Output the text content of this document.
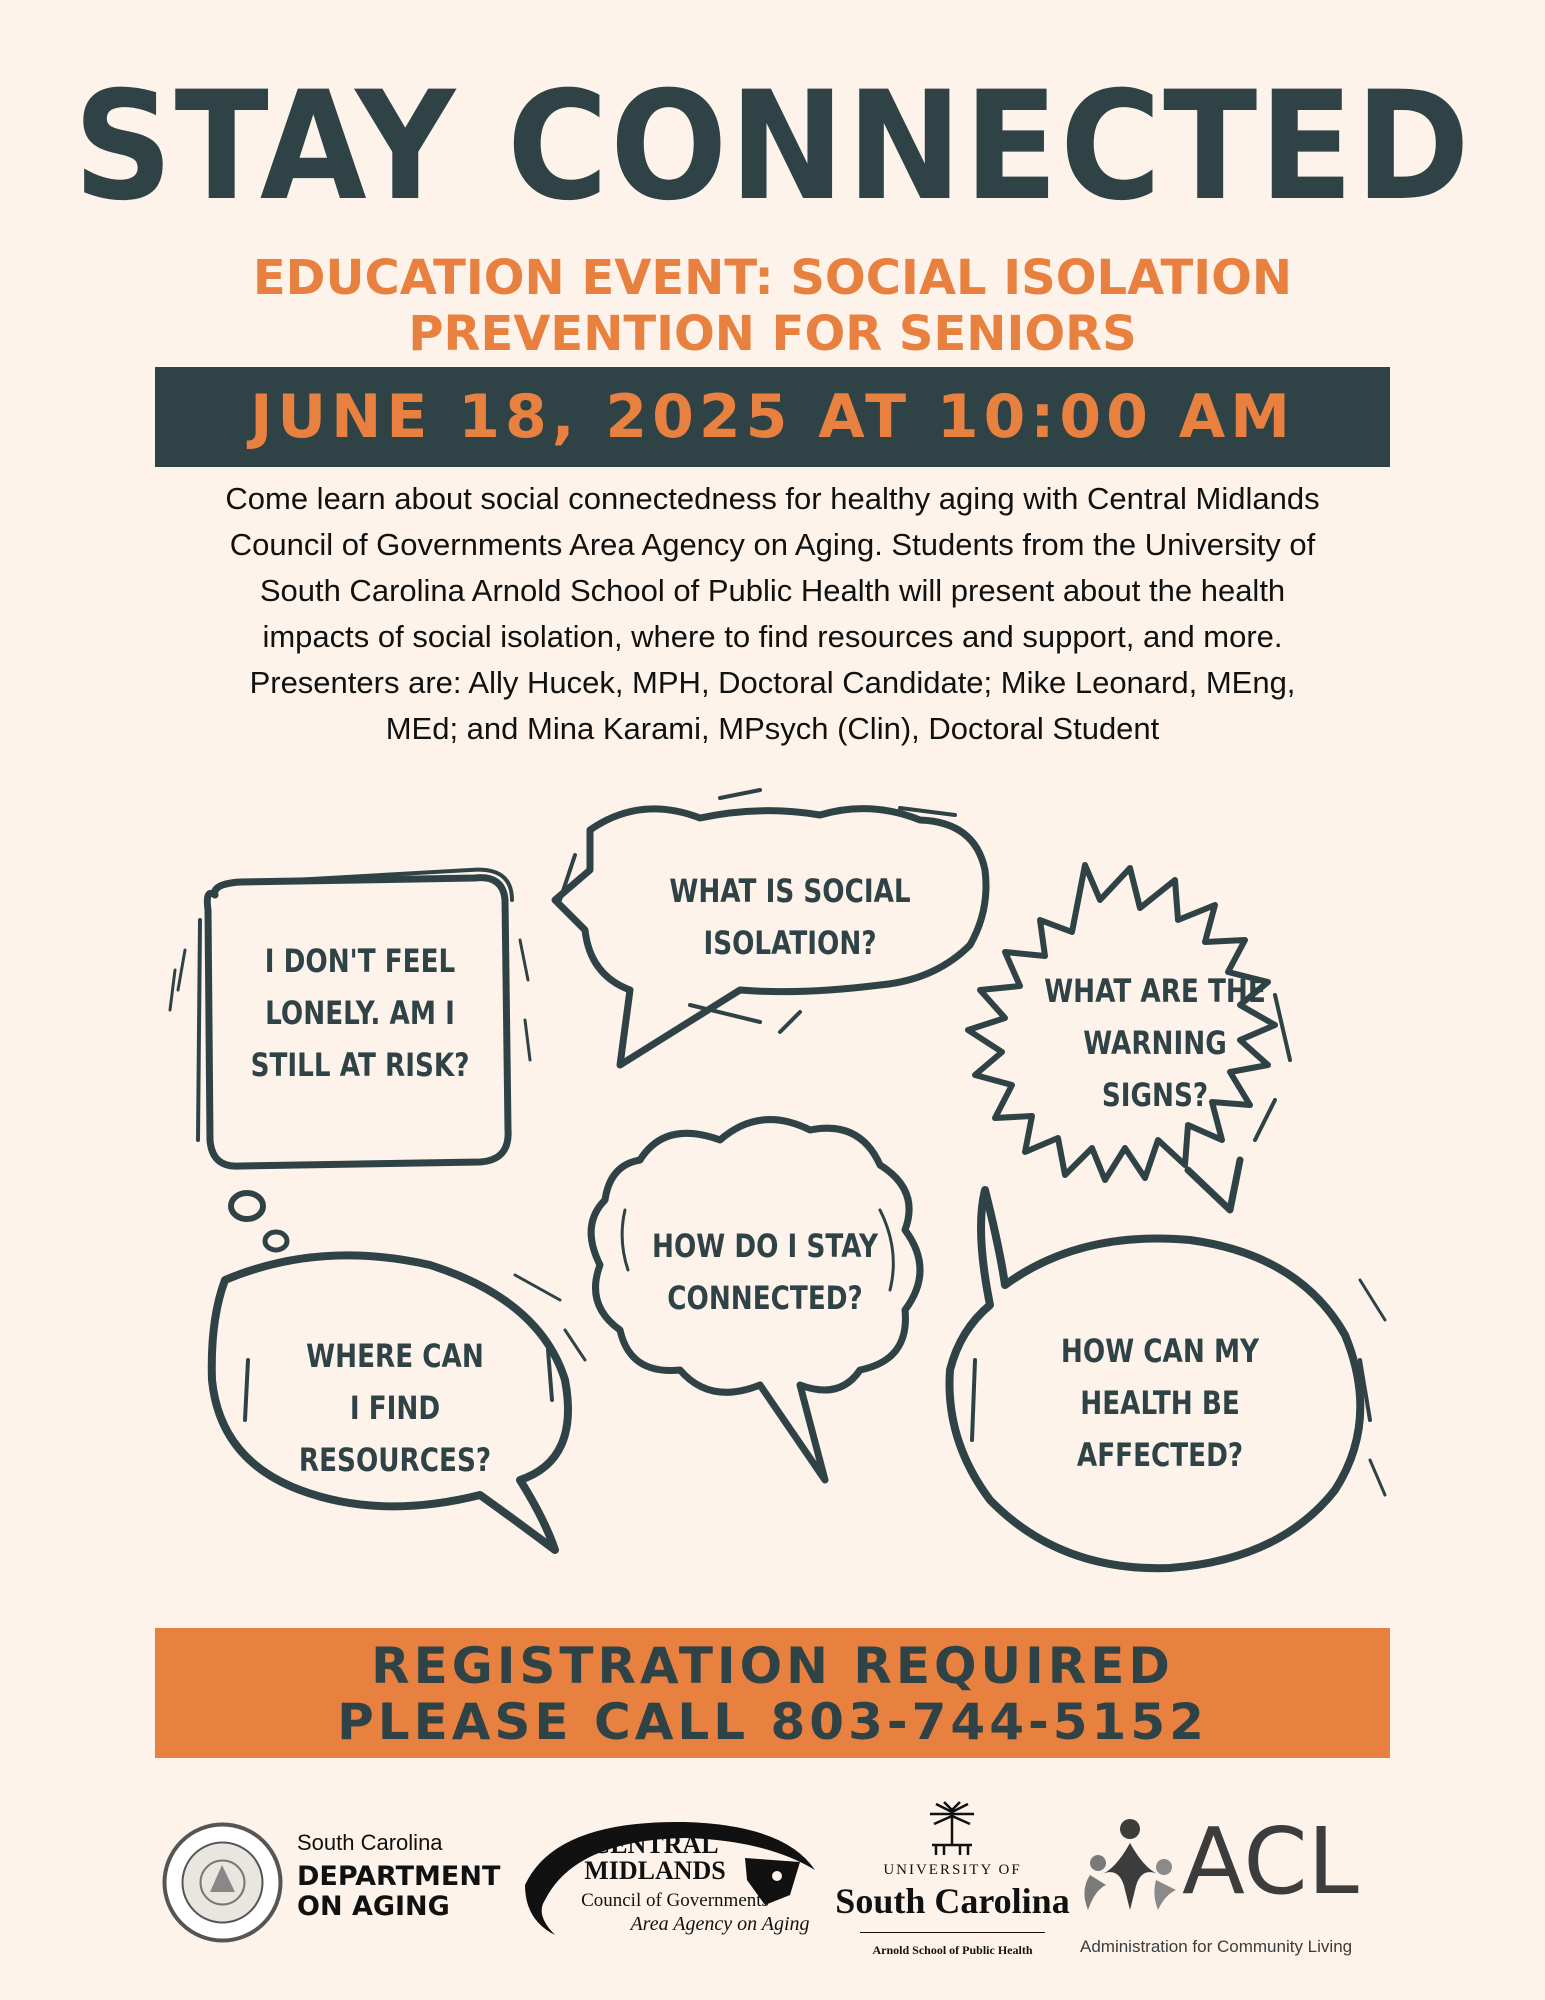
STAY CONNECTED
EDUCATION EVENT: SOCIAL ISOLATION
PREVENTION FOR SENIORS
JUNE 18, 2025 AT 10:00 AM
Come learn about social connectedness for healthy aging with Central Midlands
Council of Governments Area Agency on Aging. Students from the University of
South Carolina Arnold School of Public Health will present about the health
impacts of social isolation, where to find resources and support, and more.
Presenters are: Ally Hucek, MPH, Doctoral Candidate; Mike Leonard, MEng,
MEd; and Mina Karami, MPsych (Clin), Doctoral Student
I DON'T FEEL
LONELY. AM I
STILL AT RISK?
WHAT IS SOCIAL
ISOLATION?
WHAT ARE THE
WARNING SIGNS?
WHERE CAN
I FIND RESOURCES?
HOW DO I STAY
CONNECTED?
HOW CAN MY
HEALTH BE
AFFECTED?
REGISTRATION REQUIRED
PLEASE CALL 803-744-5152
South Carolina
DEPARTMENT
ON AGING
CENTRAL
MIDLANDS
Council of Governments
Area Agency on Aging
UNIVERSITY OF
South Carolina
Arnold School of Public Health
ACL
Administration for Community Living
